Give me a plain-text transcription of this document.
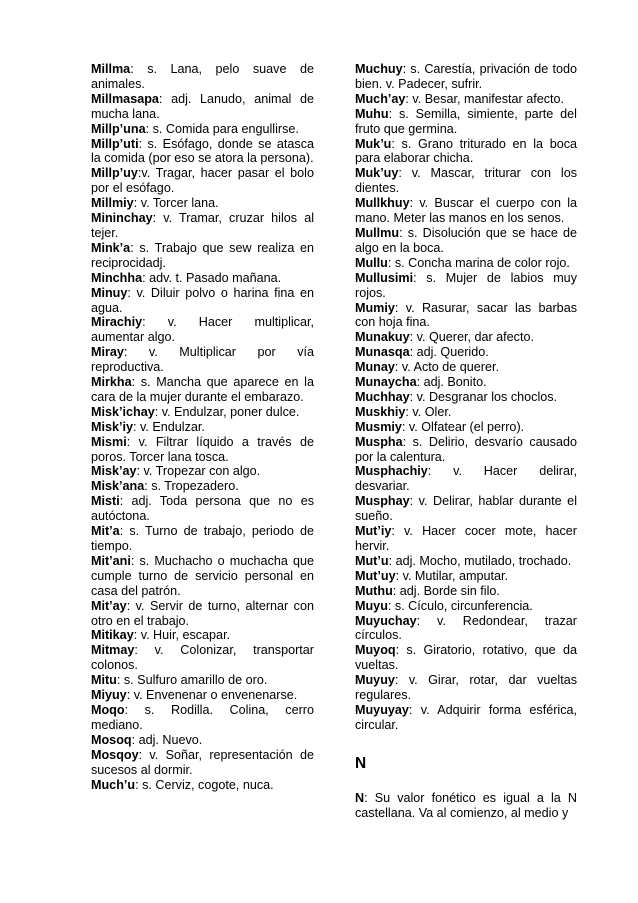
Millma: s. Lana, pelo suave de animales.

Millmasapa: adj. Lanudo, animal de mucha lana.

Millp’una: s. Comida para engullirse.

Millp’uti: s. Esófago, donde se atasca la comida (por eso se atora la persona).

Millp’uy:v. Tragar, hacer pasar el bolo por el esófago.

Millmiy: v. Torcer lana.

Mininchay: v. Tramar, cruzar hilos al tejer.

Mink’a: s. Trabajo que sew realiza en reciprocidadj.

Minchha: adv. t. Pasado mañana.

Minuy: v. Diluir polvo o harina fina en agua.

Mirachiy: v. Hacer multiplicar, aumentar algo.

Miray: v. Multiplicar por vía reproductiva.

Mirkha: s. Mancha que aparece en la cara de la mujer durante el embarazo.

Misk’ichay: v. Endulzar, poner dulce.

Misk’iy: v. Endulzar.

Mismi: v. Filtrar líquido a través de poros. Torcer lana tosca.

Misk’ay: v. Tropezar con algo.

Misk’ana: s. Tropezadero.

Misti: adj. Toda persona que no es autóctona.

Mit’a: s. Turno de trabajo, periodo de tiempo.

Mit’ani: s. Muchacho o muchacha que cumple turno de servicio personal en casa del patrón.

Mit’ay: v. Servir de turno, alternar con otro en el trabajo.

Mitikay: v. Huir, escapar.

Mitmay: v. Colonizar, transportar colonos.

Mitu: s. Sulfuro amarillo de oro.

Miyuy: v. Envenenar o envenenarse.

Moqo: s. Rodilla. Colina, cerro mediano.

Mosoq: adj. Nuevo.

Mosqoy: v. Soñar, representación de sucesos al dormir.

Much’u: s. Cerviz, cogote, nuca.

Muchuy: s. Carestía, privación de todo bien. v. Padecer, sufrir.

Much’ay: v. Besar, manifestar afecto.

Muhu: s. Semilla, simiente, parte del fruto que germina.

Muk’u: s. Grano triturado en la boca para elaborar chicha.

Muk’uy: v. Mascar, triturar con los dientes.

Mullkhuy: v. Buscar el cuerpo con la mano. Meter las manos en los senos.

Mullmu: s. Disolución que se hace de algo en la boca.

Mullu: s. Concha marina de color rojo.

Mullusimi: s. Mujer de labios muy rojos.

Mumiy: v. Rasurar, sacar las barbas con hoja fina.

Munakuy: v. Querer, dar afecto.

Munasqa: adj. Querido.

Munay: v. Acto de querer.

Munaycha: adj. Bonito.

Muchhay: v. Desgranar los choclos.

Muskhiy: v. Oler.

Musmiy: v. Olfatear (el perro).

Muspha: s. Delirio, desvarío causado por la calentura.

Musphachiy: v. Hacer delirar, desvariar.

Musphay: v. Delirar, hablar durante el sueño.

Mut’iy: v. Hacer cocer mote, hacer hervir.

Mut’u: adj. Mocho, mutilado, trochado.

Mut’uy: v. Mutilar, amputar.

Muthu: adj. Borde sin filo.

Muyu: s. Cículo, circunferencia.

Muyuchay: v. Redondear, trazar círculos.

Muyoq: s. Giratorio, rotativo, que da vueltas.

Muyuy: v. Girar, rotar, dar vueltas regulares.

Muyuyay: v. Adquirir forma esférica, circular.

N

N: Su valor fonético es igual a la N castellana. Va al comienzo, al medio y
